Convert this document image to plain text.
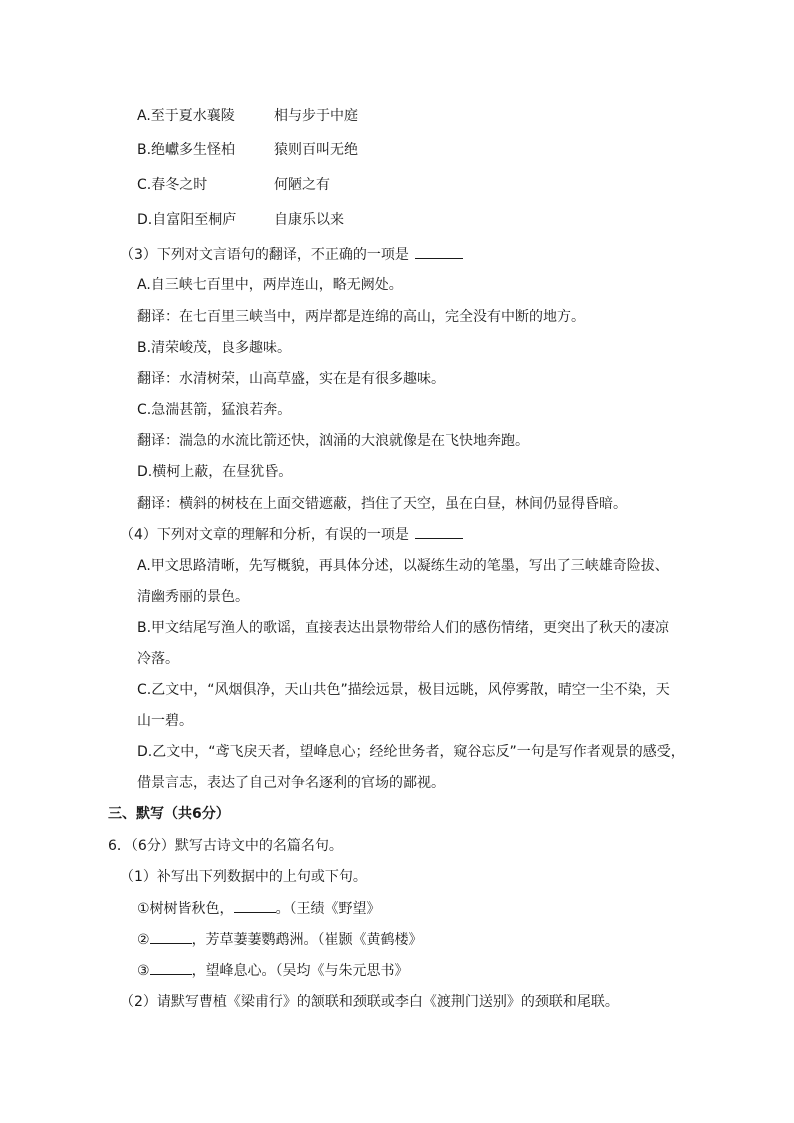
A.至于夏水襄陵	相与步于中庭
B.绝巘多生怪柏	猿则百叫无绝
C.春冬之时	何陋之有
D.自富阳至桐庐	自康乐以来
（3）下列对文言语句的翻译，不正确的一项是
A.自三峡七百里中，两岸连山，略无阙处。
翻译：在七百里三峡当中，两岸都是连绵的高山，完全没有中断的地方。
B.清荣峻茂，良多趣味。
翻译：水清树荣，山高草盛，实在是有很多趣味。
C.急湍甚箭，猛浪若奔。
翻译：湍急的水流比箭还快，汹涌的大浪就像是在飞快地奔跑。
D.横柯上蔽，在昼犹昏。
翻译：横斜的树枝在上面交错遮蔽，挡住了天空，虽在白昼，林间仍显得昏暗。
（4）下列对文章的理解和分析，有误的一项是
A.甲文思路清晰，先写概貌，再具体分述，以凝练生动的笔墨，写出了三峡雄奇险拔、
清幽秀丽的景色。
B.甲文结尾写渔人的歌谣，直接表达出景物带给人们的感伤情绪，更突出了秋天的凄凉
冷落。
C.乙文中，“风烟俱净，天山共色”描绘远景，极目远眺，风停雾散，晴空一尘不染，天
山一碧。
D.乙文中，“鸢飞戾天者，望峰息心；经纶世务者，窥谷忘反”一句是写作者观景的感受，
借景言志，表达了自己对争名逐利的官场的鄙视。
三、默写（共6分）
6．（6分）默写古诗文中的名篇名句。
（1）补写出下列数据中的上句或下句。
①树树皆秋色，	。（王绩《野望》
②	，芳草萋萋鹦鹉洲。（崔颢《黄鹤楼》
③	，望峰息心。（吴均《与朱元思书》
（2）请默写曹植《梁甫行》的颔联和颈联或李白《渡荆门送别》的颈联和尾联。
